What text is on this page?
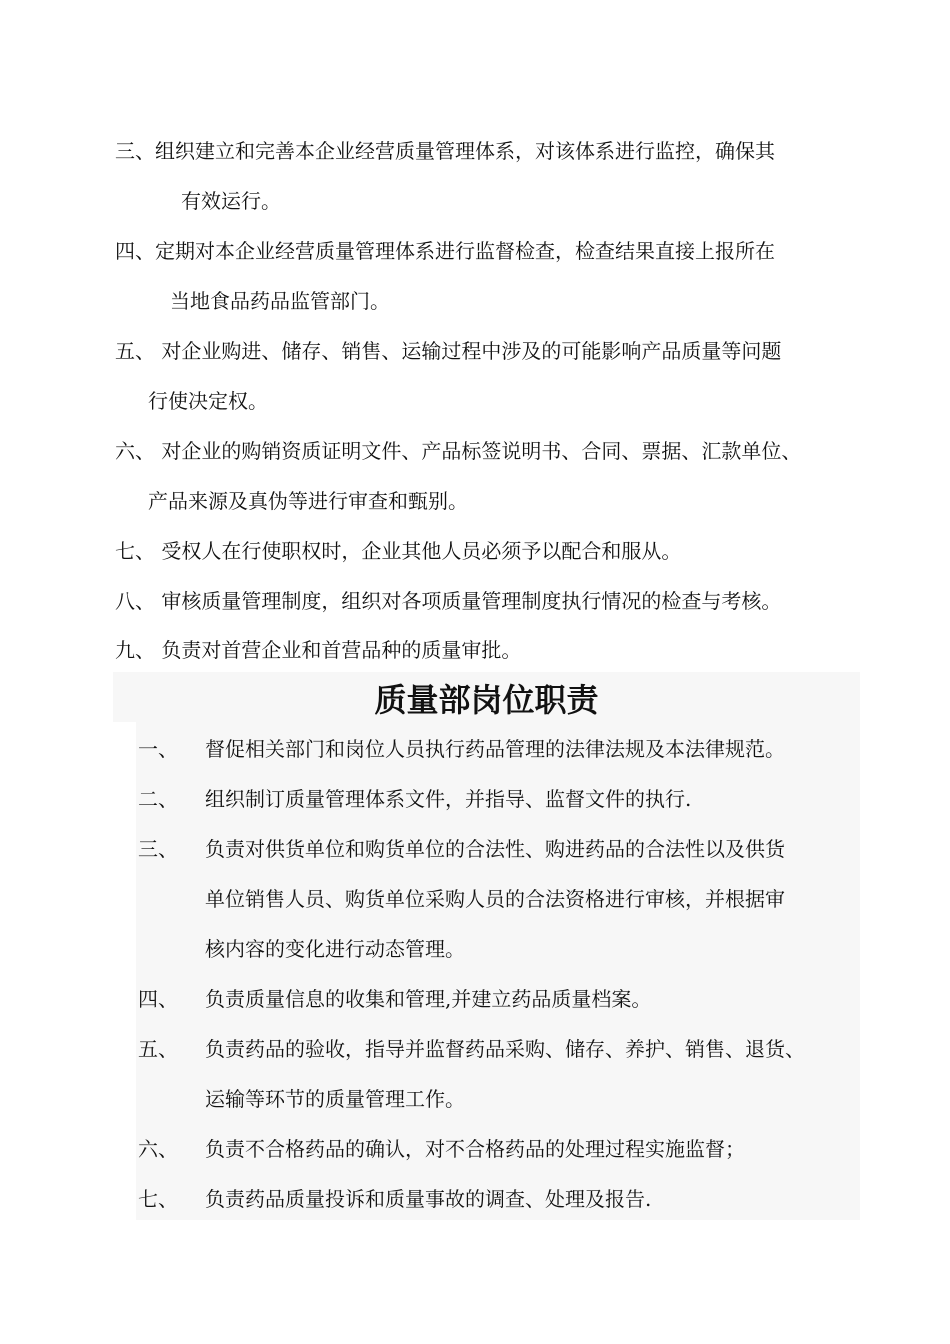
三、组织建立和完善本企业经营质量管理体系，对该体系进行监控，确保其
有效运行。
四、定期对本企业经营质量管理体系进行监督检查，检查结果直接上报所在
当地食品药品监管部门。
五、 对企业购进、储存、销售、运输过程中涉及的可能影响产品质量等问题
行使决定权。
六、 对企业的购销资质证明文件、产品标签说明书、合同、票据、汇款单位、
产品来源及真伪等进行审查和甄别。
七、 受权人在行使职权时，企业其他人员必须予以配合和服从。
八、 审核质量管理制度，组织对各项质量管理制度执行情况的检查与考核。
九、 负责对首营企业和首营品种的质量审批。
质量部岗位职责
一、 督促相关部门和岗位人员执行药品管理的法律法规及本法律规范。
二、 组织制订质量管理体系文件，并指导、监督文件的执行.
三、 负责对供货单位和购货单位的合法性、购进药品的合法性以及供货
单位销售人员、购货单位采购人员的合法资格进行审核，并根据审
核内容的变化进行动态管理。
四、 负责质量信息的收集和管理,并建立药品质量档案。
五、 负责药品的验收，指导并监督药品采购、储存、养护、销售、退货、
运输等环节的质量管理工作。
六、 负责不合格药品的确认，对不合格药品的处理过程实施监督；
七、 负责药品质量投诉和质量事故的调查、处理及报告.
